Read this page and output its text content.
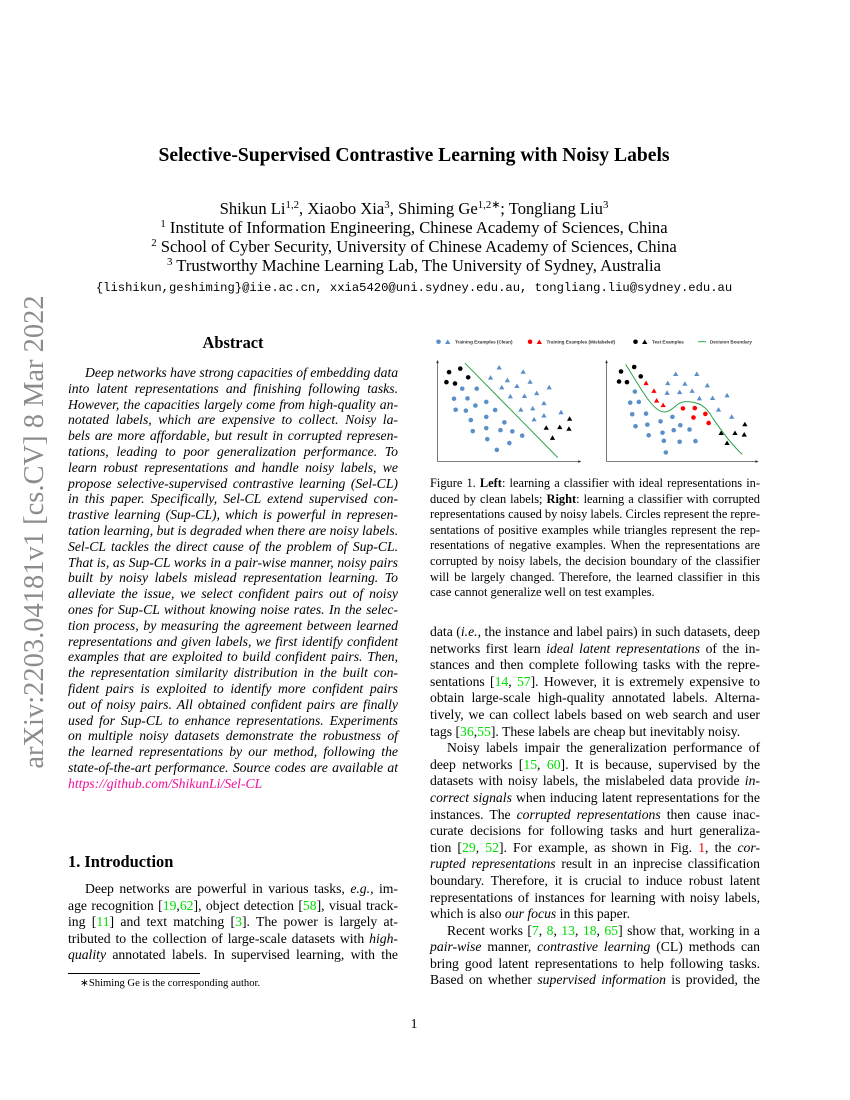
arXiv:2203.04181v1 [cs.CV] 8 Mar 2022
Selective-Supervised Contrastive Learning with Noisy Labels
Shikun Li$^{1,2}$, Xiaobo Xia$^3$, Shiming $Ge^{1,2∗}$; Tongliang Liu$^3$
$^1$ Institute of Information Engineering, Chinese Academy of Sciences, China
$^2$ School of Cyber Security, University of Chinese Academy of Sciences, China
$^3$ Trustworthy Machine Learning Lab, The University of Sydney, Australia
{lishikun,geshiming}@iie.ac.cn, xxia5420@uni.sydney.edu.au, tongliang.liu@sydney.edu.au
Abstract
Deep networks have strong capacities of embedding data
into latent representations and finishing following tasks.
However, the capacities largely come from high-quality an-
notated labels, which are expensive to collect. Noisy la-
bels are more affordable, but result in corrupted represen-
tations, leading to poor generalization performance. To
learn robust representations and handle noisy labels, we
propose selective-supervised contrastive learning (Sel-CL)
in this paper. Specifically, Sel-CL extend supervised con-
trastive learning (Sup-CL), which is powerful in represen-
tation learning, but is degraded when there are noisy labels.
Sel-CL tackles the direct cause of the problem of Sup-CL.
That is, as Sup-CL works in a pair-wise manner, noisy pairs
built by noisy labels mislead representation learning. To
alleviate the issue, we select confident pairs out of noisy
ones for Sup-CL without knowing noise rates. In the selec-
tion process, by measuring the agreement between learned
representations and given labels, we first identify confident
examples that are exploited to build confident pairs. Then,
the representation similarity distribution in the built con-
fident pairs is exploited to identify more confident pairs
out of noisy pairs. All obtained confident pairs are finally
used for Sup-CL to enhance representations. Experiments
on multiple noisy datasets demonstrate the robustness of
the learned representations by our method, following the
state-of-the-art performance. Source codes are available at
https://github.com/ShikunLi/Sel-CL
1. Introduction
Deep networks are powerful in various tasks, e.g., im-
age recognition [19,62], object detection [58], visual track-
ing [11] and text matching [3]. The power is largely at-
tributed to the collection of large-scale datasets with high-
quality annotated labels. In supervised learning, with the
∗Shiming Ge is the corresponding author.
Training Examples (Clean) Training Examples (Mislabeled)	Test Examples Decision Boundary
Figure 1. Left: learning a classifier with ideal representations in-
duced by clean labels; Right: learning a classifier with corrupted
representations caused by noisy labels. Circles represent the repre-
sentations of positive examples while triangles represent the rep-
resentations of negative examples. When the representations are
corrupted by noisy labels, the decision boundary of the classifier
will be largely changed. Therefore, the learned classifier in this
case cannot generalize well on test examples.
data (i.e., the instance and label pairs) in such datasets, deep
networks first learn ideal latent representations of the in-
stances and then complete following tasks with the repre-
sentations [14, 57]. However, it is extremely expensive to
obtain large-scale high-quality annotated labels. Alterna-
tively, we can collect labels based on web search and user
tags [36,55]. These labels are cheap but inevitably noisy.
Noisy labels impair the generalization performance of
deep networks [15, 60]. It is because, supervised by the
datasets with noisy labels, the mislabeled data provide in-
correct signals when inducing latent representations for the
instances. The corrupted representations then cause inac-
curate decisions for following tasks and hurt generaliza-
tion [29, 52]. For example, as shown in Fig. 1, the cor-
rupted representations result in an inprecise classification
boundary. Therefore, it is crucial to induce robust latent
representations of instances for learning with noisy labels,
which is also our focus in this paper.
Recent works [7, 8, 13, 18, 65] show that, working in a
pair-wise manner, contrastive learning (CL) methods can
bring good latent representations to help following tasks.
Based on whether supervised information is provided, the
1
